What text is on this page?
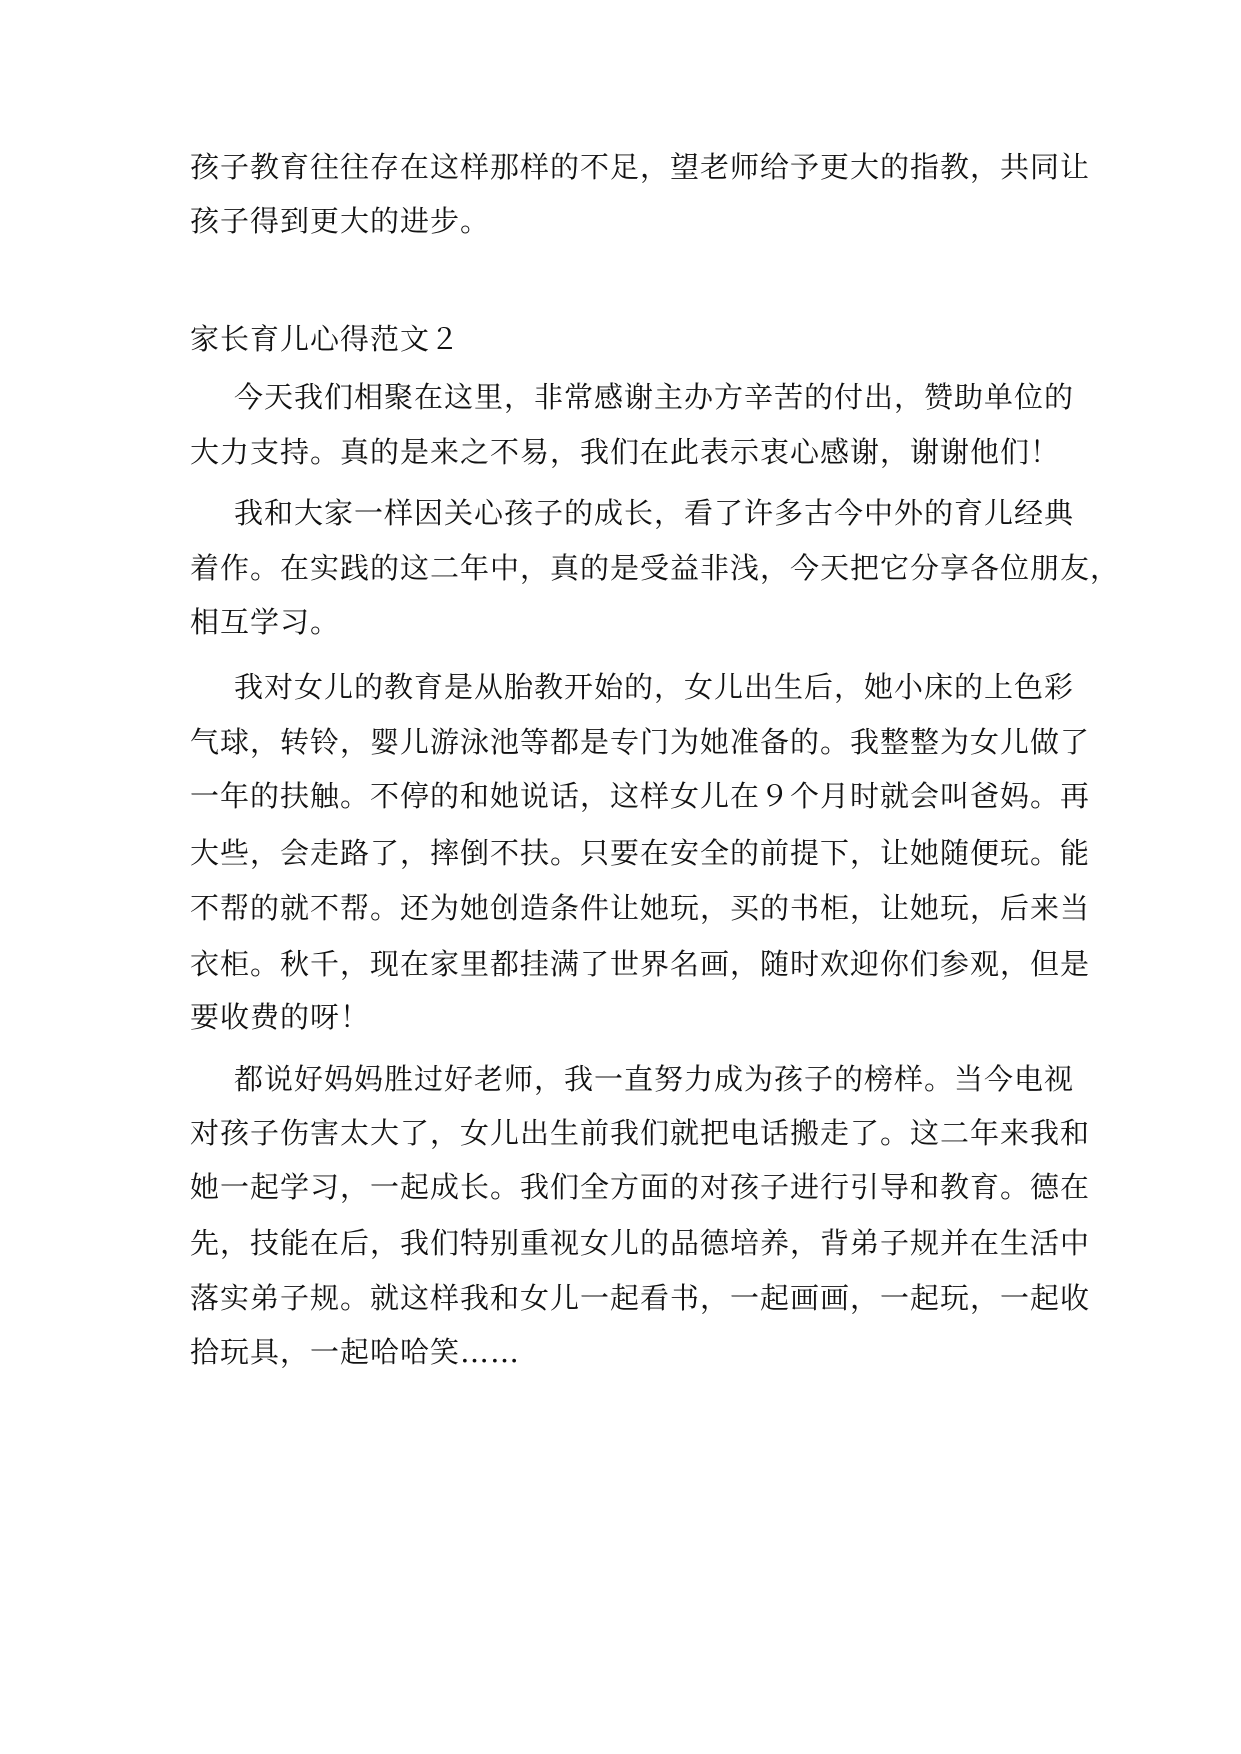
孩子教育往往存在这样那样的不足，望老师给予更大的指教，共同让
孩子得到更大的进步。
家长育儿心得范文２
今天我们相聚在这里，非常感谢主办方辛苦的付出，赞助单位的
大力支持。真的是来之不易，我们在此表示衷心感谢，谢谢他们！
我和大家一样因关心孩子的成长，看了许多古今中外的育儿经典
着作。在实践的这二年中，真的是受益非浅，今天把它分享各位朋友，
相互学习。
我对女儿的教育是从胎教开始的，女儿出生后，她小床的上色彩
气球，转铃，婴儿游泳池等都是专门为她准备的。我整整为女儿做了
一年的扶触。不停的和她说话，这样女儿在９个月时就会叫爸妈。再
大些，会走路了，摔倒不扶。只要在安全的前提下，让她随便玩。能
不帮的就不帮。还为她创造条件让她玩，买的书柜，让她玩，后来当
衣柜。秋千，现在家里都挂满了世界名画，随时欢迎你们参观，但是
要收费的呀！
都说好妈妈胜过好老师，我一直努力成为孩子的榜样。当今电视
对孩子伤害太大了，女儿出生前我们就把电话搬走了。这二年来我和
她一起学习，一起成长。我们全方面的对孩子进行引导和教育。德在
先，技能在后，我们特别重视女儿的品德培养，背弟子规并在生活中
落实弟子规。就这样我和女儿一起看书，一起画画，一起玩，一起收
拾玩具，一起哈哈笑……
